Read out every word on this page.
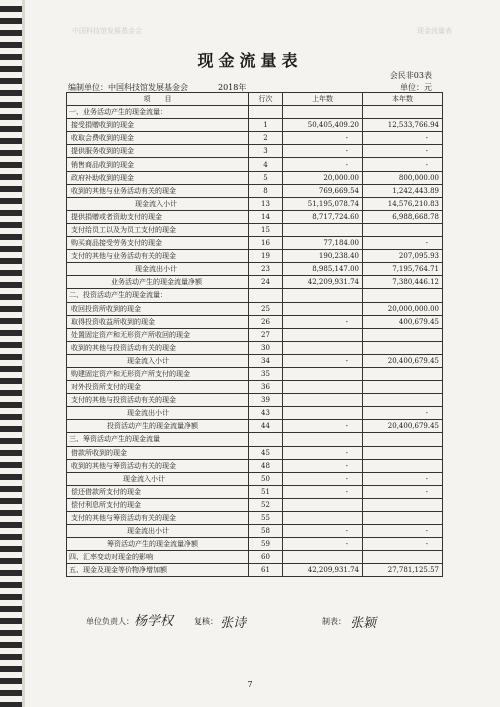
中国科技馆发展基金会	现金流量表
现金流量表
会民非03表
编制单位：中国科技馆发展基金会	2018年	单位：元
项　　目	行次	上年数	本年数
一、业务活动产生的现金流量：			
接受捐赠收到的现金	1	50,405,409.20	12,533,766.94
收取会费收到的现金	2	-	-
提供服务收到的现金	3	-	-
销售商品收到的现金	4	-	-
政府补助收到的现金	5	20,000.00	800,000.00
收到的其他与业务活动有关的现金	8	769,669.54	1,242,443.89
现金流入小计	13	51,195,078.74	14,576,210.83
提供捐赠或者资助支付的现金	14	8,717,724.60	6,988,668.78
支付给员工以及为员工支付的现金	15		
购买商品接受劳务支付的现金	16	77,184.00	-
支付的其他与业务活动有关的现金	19	190,238.40	207,095.93
现金流出小计	23	8,985,147.00	7,195,764.71
业务活动产生的现金流量净额	24	42,209,931.74	7,380,446.12
二、投资活动产生的现金流量：			
收回投资所收到的现金	25		20,000,000.00
取得投资收益所收到的现金	26	-	400,679.45
处置固定资产和无形资产所收回的现金	27		
收到的其他与投资活动有关的现金	30		
现金流入小计	34	-	20,400,679.45
购建固定资产和无形资产所支付的现金	35		
对外投资所支付的现金	36		
支付的其他与投资活动有关的现金	39		
现金流出小计	43		-
投资活动产生的现金流量净额	44	-	20,400,679.45
三、筹资活动产生的现金流量			
借款所收到的现金	45	-	
收到的其他与筹资活动有关的现金	48	-	
现金流入小计	50	-	-
偿还借款所支付的现金	51	-	-
偿付利息所支付的现金	52		
支付的其他与筹资活动有关的现金	55		
现金流出小计	58	-	-
筹资活动产生的现金流量净额	59	-	-
四、汇率变动对现金的影响	60		
五、现金及现金等价物净增加额	61	42,209,931.74	27,781,125.57
单位负责人： 杨学权	复核： 张诗	制表： 张颖
7
